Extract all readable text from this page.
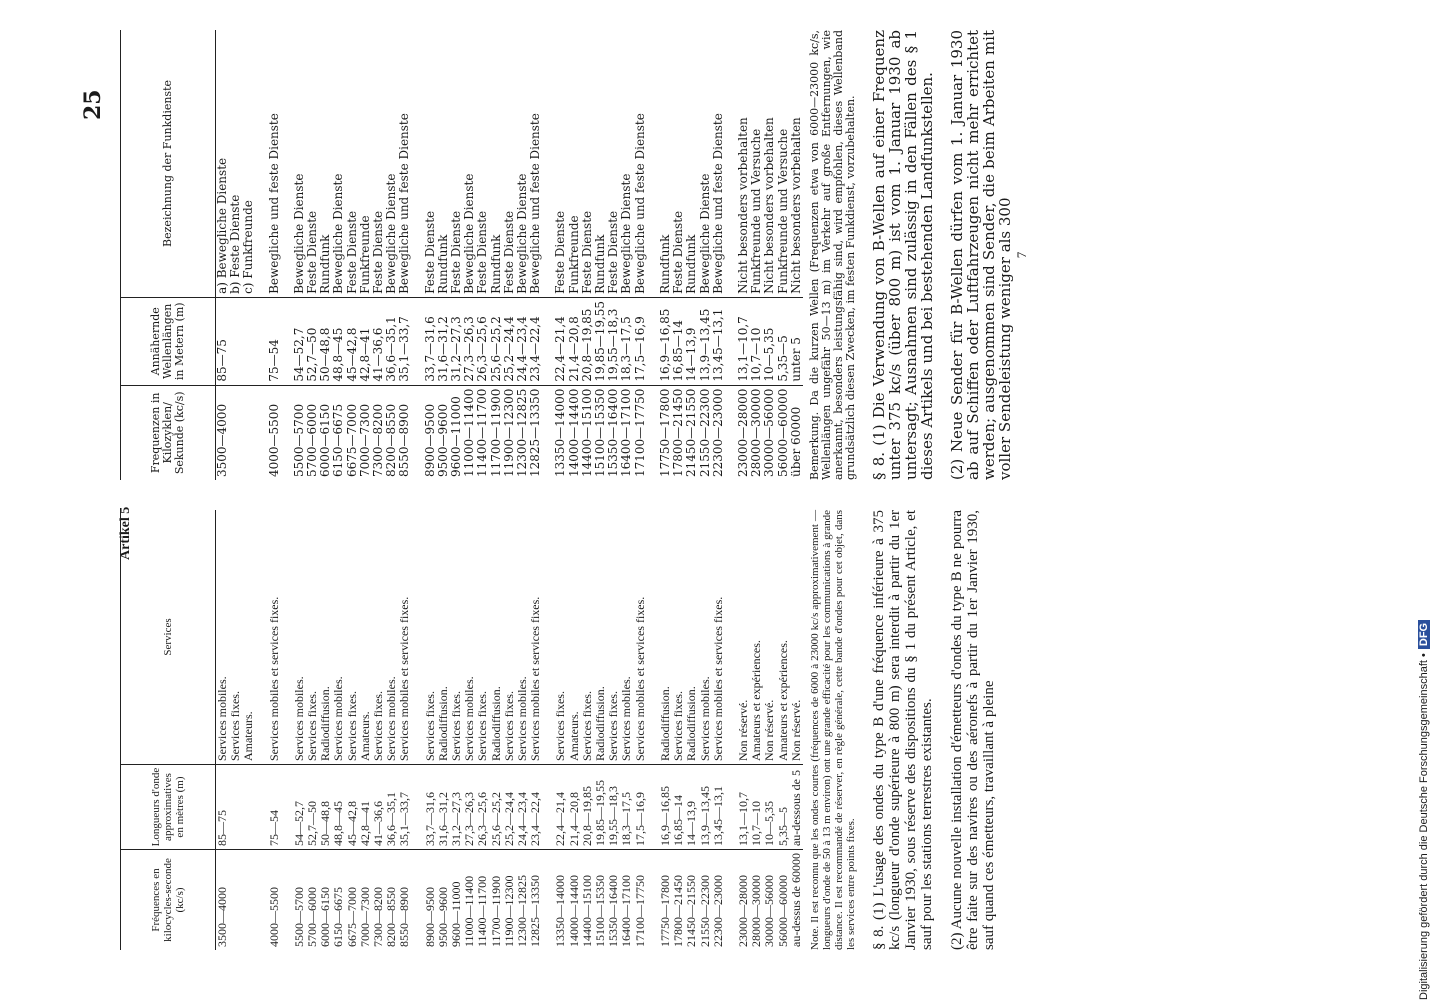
Artikel 5
25
Fréquences en kilocycles-seconde (kc/s)	Longueurs d'onde approximatives en mètres (m)	Services
3500—4000	85—75	Services mobiles.
Services fixes.
Amateurs.

4000—5500	75—54	Services mobiles et services fixes.

5500—5700	54—52,7	Services mobiles.
5700—6000	52,7—50	Services fixes.
6000—6150	50—48,8	Radiodiffusion.
6150—6675	48,8—45	Services mobiles.
6675—7000	45—42,8	Services fixes.
7000—7300	42,8—41	Amateurs.
7300—8200	41—36,6	Services fixes.
8200—8550	36,6—35,1	Services mobiles.
8550—8900	35,1—33,7	Services mobiles et services fixes.

8900—9500	33,7—31,6	Services fixes.
9500—9600	31,6—31,2	Radiodiffusion.
9600—11000	31,2—27,3	Services fixes.
11000—11400	27,3—26,3	Services mobiles.
11400—11700	26,3—25,6	Services fixes.
11700—11900	25,6—25,2	Radiodiffusion.
11900—12300	25,2—24,4	Services fixes.
12300—12825	24,4—23,4	Services mobiles.
12825—13350	23,4—22,4	Services mobiles et services fixes.

13350—14000	22,4—21,4	Services fixes.
14000—14400	21,4—20,8	Amateurs.
14400—15100	20,8—19,85	Services fixes.
15100—15350	19,85—19,55	Radiodiffusion.
15350—16400	19,55—18,3	Services fixes.
16400—17100	18,3—17,5	Services mobiles.
17100—17750	17,5—16,9	Services mobiles et services fixes.

17750—17800	16,9—16,85	Radiodiffusion.
17800—21450	16,85—14	Services fixes.
21450—21550	14—13,9	Radiodiffusion.
21550—22300	13,9—13,45	Services mobiles.
22300—23000	13,45—13,1	Services mobiles et services fixes.

23000—28000	13,1—10,7	Non réservé.
28000—30000	10,7—10	Amateurs et expériences.
30000—56000	10—5,35	Non réservé.
56000—60000	5,35—5	Amateurs et expériences.
au-dessus de 60000	au-dessous de 5	Non réservé. Note. Il est reconnu que les ondes courtes (fréquences de 6000 à 23000 kc/s approximativement — longueurs d'onde de 50 à 13 m environ) ont une grande efficacité pour les communications à grande distance. Il est recommandé de réserver, en règle générale, cette bande d'ondes pour cet objet, dans les services entre points fixes. § 8. (1) L'usage des ondes du type B d'une fréquence inférieure à 375 kc/s (longueur d'onde supérieure à 800 m) sera interdit à partir du 1er Janvier 1930, sous réserve des dispositions du § 1 du présent Article, et sauf pour les stations terrestres existantes. (2) Aucune nouvelle installation d'émetteurs d'ondes du type B ne pourra être faite sur des navires ou des aéronefs à partir du 1er Janvier 1930, sauf quand ces émetteurs, travaillant à pleine
Frequenzen in Kilozyklen/ Sekunde (kc/s)	Annähernde Wellenlängen in Metern (m)	Bezeichnung der Funkdienste
3500—4000	85—75	a) Bewegliche Dienste
b) Feste Dienste
c) Funkfreunde

4000—5500	75—54	Bewegliche und feste Dienste

5500—5700	54—52,7	Bewegliche Dienste
5700—6000	52,7—50	Feste Dienste
6000—6150	50—48,8	Rundfunk
6150—6675	48,8—45	Bewegliche Dienste
6675—7000	45—42,8	Feste Dienste
7000—7300	42,8—41	Funkfreunde
7300—8200	41—36,6	Feste Dienste
8200—8550	36,6—35,1	Bewegliche Dienste
8550—8900	35,1—33,7	Bewegliche und feste Dienste

8900—9500	33,7—31,6	Feste Dienste
9500—9600	31,6—31,2	Rundfunk
9600—11000	31,2—27,3	Feste Dienste
11000—11400	27,3—26,3	Bewegliche Dienste
11400—11700	26,3—25,6	Feste Dienste
11700—11900	25,6—25,2	Rundfunk
11900—12300	25,2—24,4	Feste Dienste
12300—12825	24,4—23,4	Bewegliche Dienste
12825—13350	23,4—22,4	Bewegliche und feste Dienste

13350—14000	22,4—21,4	Feste Dienste
14000—14400	21,4—20,8	Funkfreunde
14400—15100	20,8—19,85	Feste Dienste
15100—15350	19,85—19,55	Rundfunk
15350—16400	19,55—18,3	Feste Dienste
16400—17100	18,3—17,5	Bewegliche Dienste
17100—17750	17,5—16,9	Bewegliche und feste Dienste

17750—17800	16,9—16,85	Rundfunk
17800—21450	16,85—14	Feste Dienste
21450—21550	14—13,9	Rundfunk
21550—22300	13,9—13,45	Bewegliche Dienste
22300—23000	13,45—13,1	Bewegliche und feste Dienste

23000—28000	13,1—10,7	Nicht besonders vorbehalten
28000—30000	10,7—10	Funkfreunde und Versuche
30000—56000	10—5,35	Nicht besonders vorbehalten
56000—60000	5,35—5	Funkfreunde und Versuche
über 60000	unter 5	Nicht besonders vorbehalten Bemerkung. Da die kurzen Wellen (Frequenzen etwa von 6000—23000 kc/s, Wellenlängen ungefähr 50—13 m) im Verkehr auf große Entfernungen, wie anerkannt, besonders leistungsfähig sind, wird empfohlen, dieses Wellenband grundsätzlich diesen Zwecken, im festen Funkdienst, vorzubehalten. § 8. (1) Die Verwendung von B-Wellen auf einer Frequenz unter 375 kc/s (über 800 m) ist vom 1. Januar 1930 ab untersagt; Ausnahmen sind zulässig in den Fällen des § 1 dieses Artikels und bei bestehenden Landfunkstellen. (2) Neue Sender für B-Wellen dürfen vom 1. Januar 1930 ab auf Schiffen oder Luftfahrzeugen nicht mehr errichtet werden; ausgenommen sind Sender, die beim Arbeiten mit voller Sendeleistung weniger als 300 7
Digitalisierung gefördert durch die Deutsche Forschungsgemeinschaft •DFG
